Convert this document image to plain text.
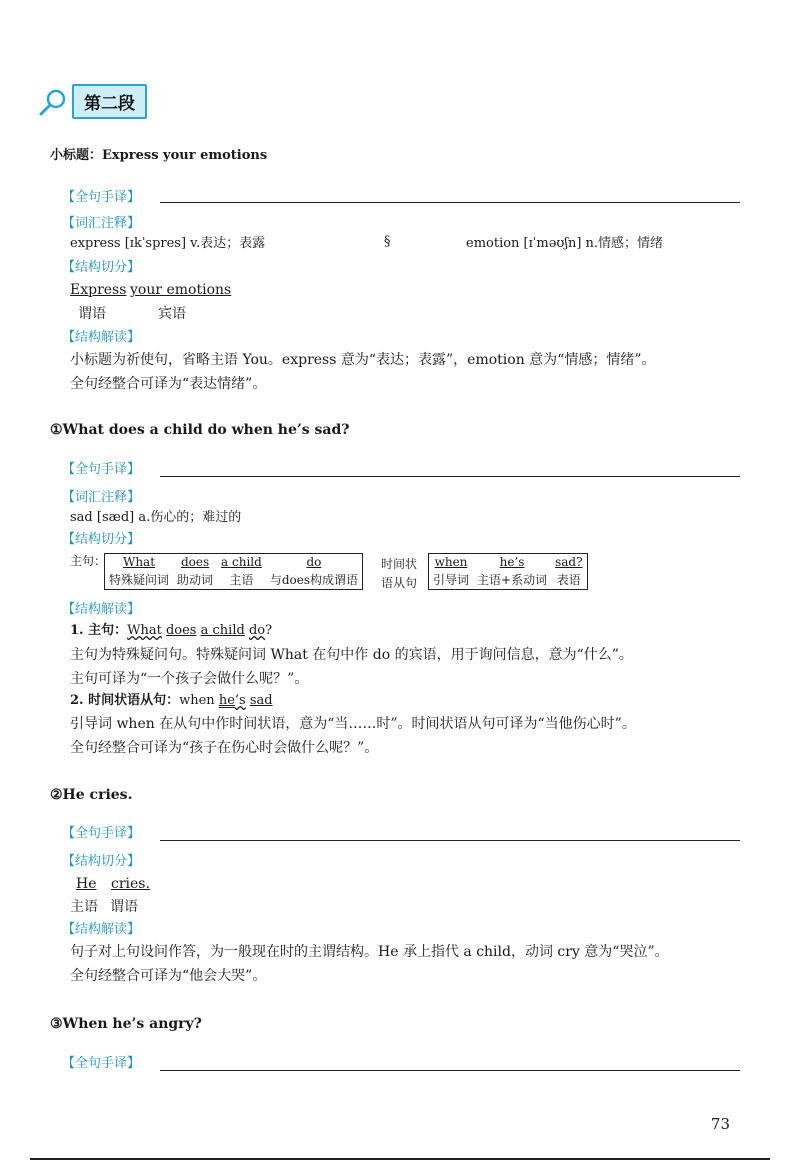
第二段
小标题：Express your emotions
【全句手译】
【词汇注释】
express [ɪkˈspres] v.表达；表露	§	emotion [ɪˈməʊʃn] n.情感；情绪
【结构切分】
Express your emotions
谓语	宾语
【结构解读】
小标题为祈使句，省略主语 You。express 意为“表达；表露”，emotion 意为“情感；情绪”。
全句经整合可译为“表达情绪”。
①What does a child do when he’s sad?
【全句手译】
【词汇注释】
sad [sæd] a.伤心的；难过的
【结构切分】
主句： What	does	a child	do
特殊疑问词	助动词	主语	与does构成谓语
时间状
语从句
when	he’s	sad?
引导词	主语+系动词	表语
【结构解读】
1. 主句：What does a child do?
主句为特殊疑问句。特殊疑问词 What 在句中作 do 的宾语，用于询问信息，意为“什么”。
主句可译为“一个孩子会做什么呢？”。
2. 时间状语从句：when he’s sad
引导词 when 在从句中作时间状语，意为“当……时”。时间状语从句可译为“当他伤心时”。
全句经整合可译为“孩子在伤心时会做什么呢？”。
②He cries.
【全句手译】
【结构切分】
He cries.
主语 谓语
【结构解读】
句子对上句设问作答，为一般现在时的主谓结构。He 承上指代 a child，动词 cry 意为“哭泣”。
全句经整合可译为“他会大哭”。
③When he’s angry?
【全句手译】
73
